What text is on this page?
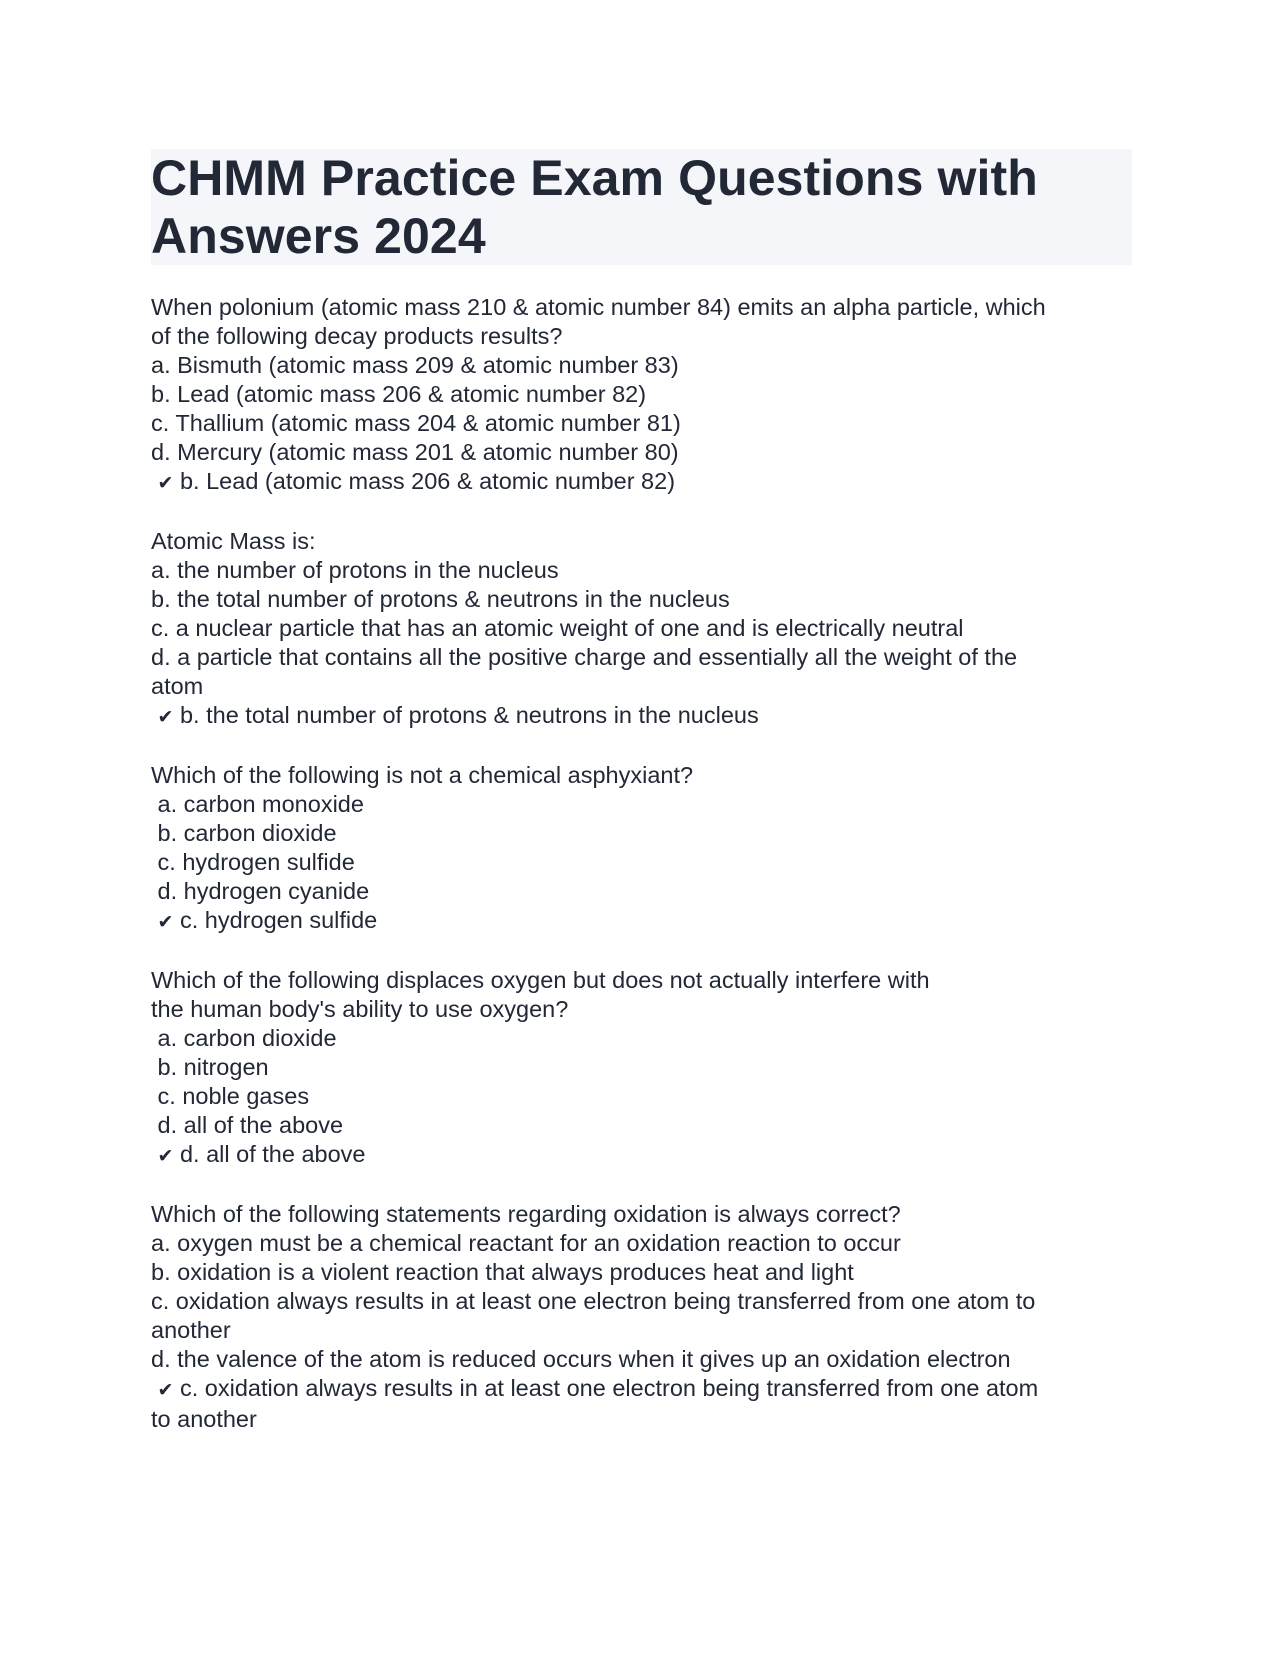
CHMM Practice Exam Questions with
Answers 2024

When polonium (atomic mass 210 & atomic number 84) emits an alpha particle, which

of the following decay products results?

a. Bismuth (atomic mass 209 & atomic number 83)

b. Lead (atomic mass 206 & atomic number 82)

c. Thallium (atomic mass 204 & atomic number 81)

d. Mercury (atomic mass 201 & atomic number 80)

✔ b. Lead (atomic mass 206 & atomic number 82)

Atomic Mass is:

a. the number of protons in the nucleus

b. the total number of protons & neutrons in the nucleus

c. a nuclear particle that has an atomic weight of one and is electrically neutral

d. a particle that contains all the positive charge and essentially all the weight of the

atom

✔ b. the total number of protons & neutrons in the nucleus

Which of the following is not a chemical asphyxiant?

a. carbon monoxide

b. carbon dioxide

c. hydrogen sulfide

d. hydrogen cyanide

✔ c. hydrogen sulfide

Which of the following displaces oxygen but does not actually interfere with

the human body's ability to use oxygen?

a. carbon dioxide

b. nitrogen

c. noble gases

d. all of the above

✔ d. all of the above

Which of the following statements regarding oxidation is always correct?

a. oxygen must be a chemical reactant for an oxidation reaction to occur

b. oxidation is a violent reaction that always produces heat and light

c. oxidation always results in at least one electron being transferred from one atom to

another

d. the valence of the atom is reduced occurs when it gives up an oxidation electron

✔ c. oxidation always results in at least one electron being transferred from one atom

to another
